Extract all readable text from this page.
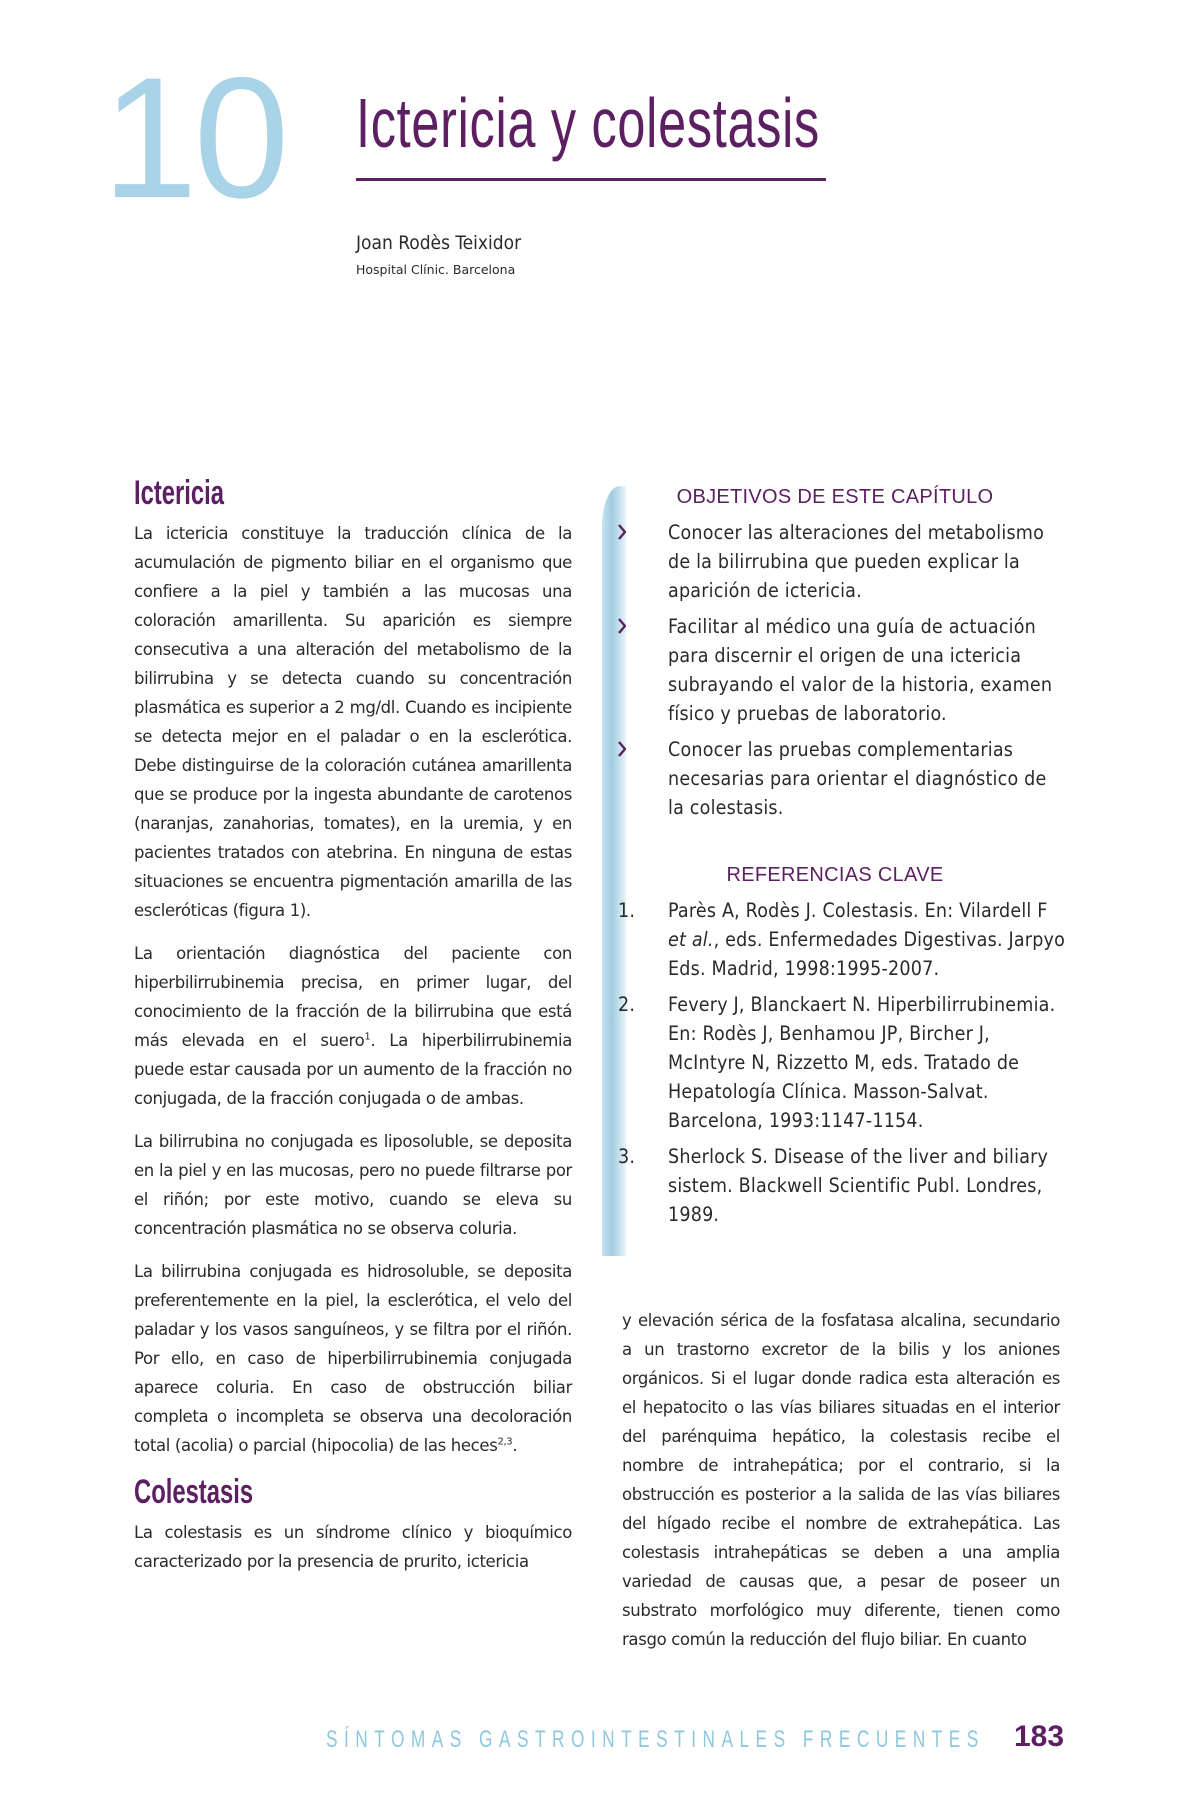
10 Ictericia y colestasis
Joan Rodès Teixidor
Hospital Clínic. Barcelona
Ictericia

La ictericia constituye la traducción clínica de la acumulación de pigmento biliar en el organismo que confiere a la piel y también a las mucosas una coloración amarillenta. Su aparición es siempre consecutiva a una alteración del metabolismo de la bilirrubina y se detecta cuando su concentración plasmática es superior a 2 mg/dl. Cuando es incipiente se detecta mejor en el paladar o en la esclerótica. Debe distinguirse de la coloración cutánea amarillenta que se produce por la ingesta abundante de carotenos (naranjas, zanahorias, tomates), en la uremia, y en pacientes tratados con atebrina. En ninguna de estas situaciones se encuentra pigmentación amarilla de las escleróticas (figura 1).

La orientación diagnóstica del paciente con hiperbilirrubinemia precisa, en primer lugar, del conocimiento de la fracción de la bilirrubina que está más elevada en el suero$^1$. La hiperbilirrubinemia puede estar causada por un aumento de la fracción no conjugada, de la fracción conjugada o de ambas.

La bilirrubina no conjugada es liposoluble, se deposita en la piel y en las mucosas, pero no puede filtrarse por el riñón; por este motivo, cuando se eleva su concentración plasmática no se observa coluria.

La bilirrubina conjugada es hidrosoluble, se deposita preferentemente en la piel, la esclerótica, el velo del paladar y los vasos sanguíneos, y se filtra por el riñón. Por ello, en caso de hiperbilirrubinemia conjugada aparece coluria. En caso de obstrucción biliar completa o incompleta se observa una decoloración total (acolia) o parcial (hipocolia) de las heces$^{2,3}$.

Colestasis

La colestasis es un síndrome clínico y bioquímico caracterizado por la presencia de prurito, ictericia

OBJETIVOS DE ESTE CAPÍTULO
Conocer las alteraciones del metabolismo de la bilirrubina que pueden explicar la aparición de ictericia.
Facilitar al médico una guía de actuación para discernir el origen de una ictericia subrayando el valor de la historia, examen físico y pruebas de laboratorio.
Conocer las pruebas complementarias necesarias para orientar el diagnóstico de la colestasis.
REFERENCIAS CLAVE
1. Parès A, Rodès J. Colestasis. En: Vilardell F et al., eds. Enfermedades Digestivas. Jarpyo Eds. Madrid, 1998:1995-2007.
2. Fevery J, Blanckaert N. Hiperbilirrubinemia. En: Rodès J, Benhamou JP, Bircher J, McIntyre N, Rizzetto M, eds. Tratado de Hepatología Clínica. Masson-Salvat. Barcelona, 1993:1147-1154.
3. Sherlock S. Disease of the liver and biliary sistem. Blackwell Scientific Publ. Londres, 1989.

y elevación sérica de la fosfatasa alcalina, secundario a un trastorno excretor de la bilis y los aniones orgánicos. Si el lugar donde radica esta alteración es el hepatocito o las vías biliares situadas en el interior del parénquima hepático, la colestasis recibe el nombre de intrahepática; por el contrario, si la obstrucción es posterior a la salida de las vías biliares del hígado recibe el nombre de extrahepática. Las colestasis intrahepáticas se deben a una amplia variedad de causas que, a pesar de poseer un substrato morfológico muy diferente, tienen como rasgo común la reducción del flujo biliar. En cuanto

SÍNTOMAS GASTROINTESTINALES FRECUENTES 183
